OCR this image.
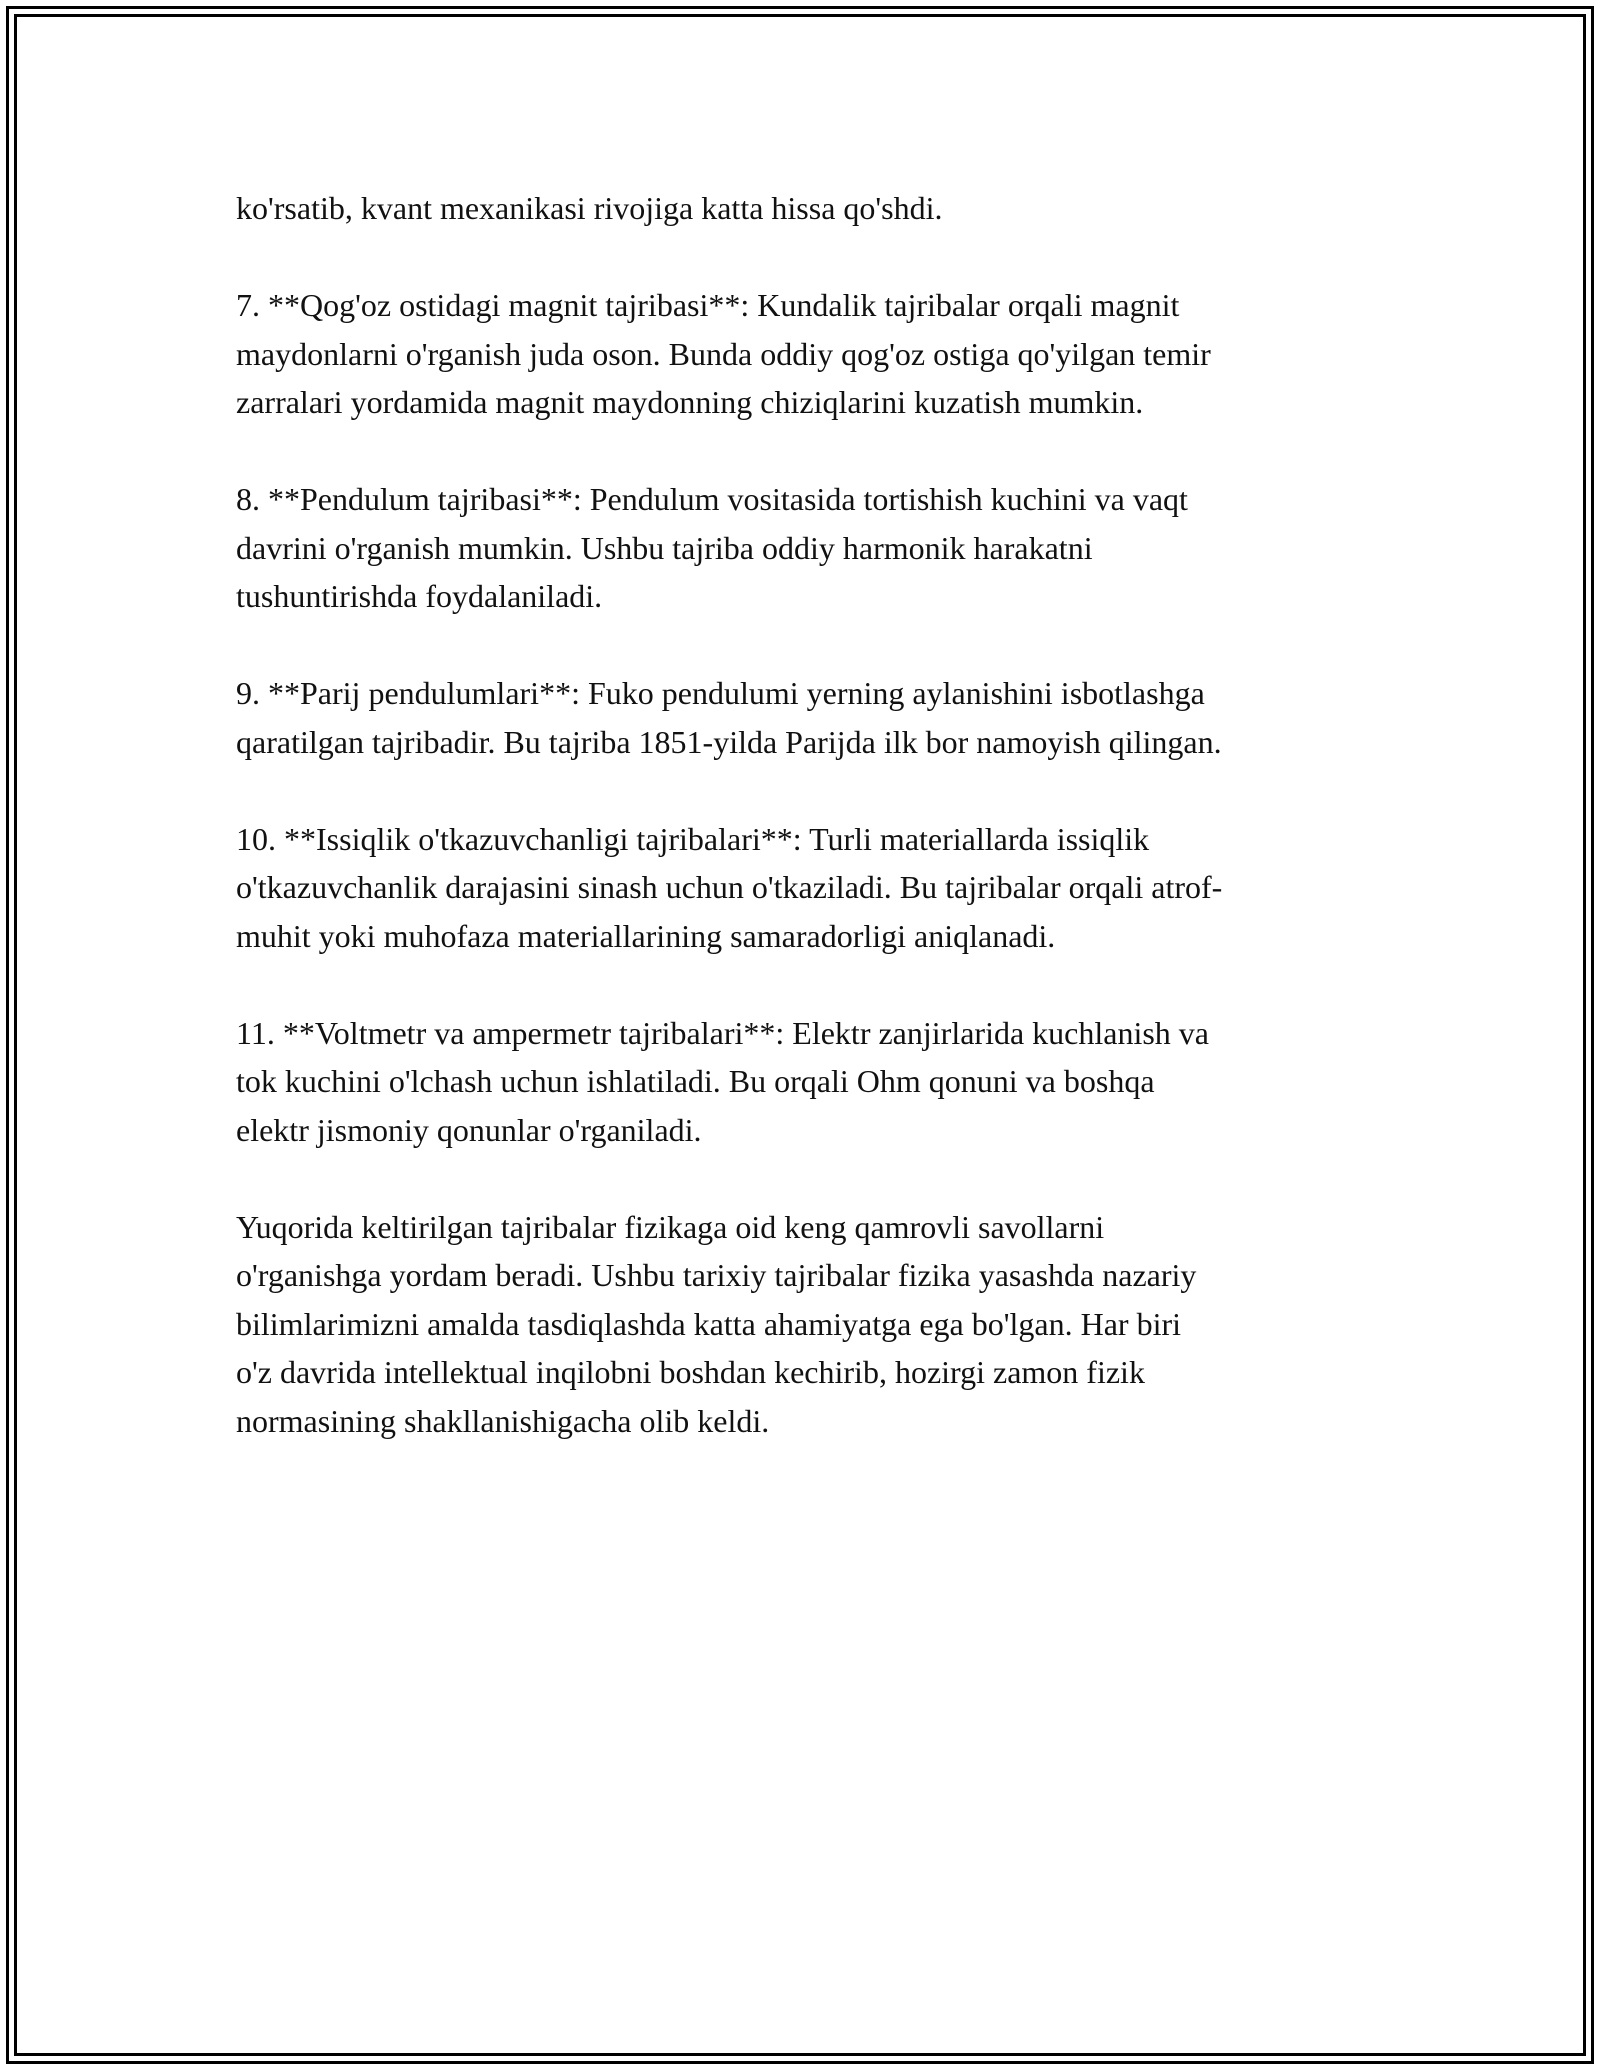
ko'rsatib, kvant mexanikasi rivojiga katta hissa qo'shdi.

7. **Qog'oz ostidagi magnit tajribasi**: Kundalik tajribalar orqali magnit
maydonlarni o'rganish juda oson. Bunda oddiy qog'oz ostiga qo'yilgan temir
zarralari yordamida magnit maydonning chiziqlarini kuzatish mumkin.

8. **Pendulum tajribasi**: Pendulum vositasida tortishish kuchini va vaqt
davrini o'rganish mumkin. Ushbu tajriba oddiy harmonik harakatni
tushuntirishda foydalaniladi.

9. **Parij pendulumlari**: Fuko pendulumi yerning aylanishini isbotlashga
qaratilgan tajribadir. Bu tajriba 1851-yilda Parijda ilk bor namoyish qilingan.

10. **Issiqlik o'tkazuvchanligi tajribalari**: Turli materiallarda issiqlik
o'tkazuvchanlik darajasini sinash uchun o'tkaziladi. Bu tajribalar orqali atrof-
muhit yoki muhofaza materiallarining samaradorligi aniqlanadi.

11. **Voltmetr va ampermetr tajribalari**: Elektr zanjirlarida kuchlanish va
tok kuchini o'lchash uchun ishlatiladi. Bu orqali Ohm qonuni va boshqa
elektr jismoniy qonunlar o'rganiladi.

Yuqorida keltirilgan tajribalar fizikaga oid keng qamrovli savollarni
o'rganishga yordam beradi. Ushbu tarixiy tajribalar fizika yasashda nazariy
bilimlarimizni amalda tasdiqlashda katta ahamiyatga ega bo'lgan. Har biri
o'z davrida intellektual inqilobni boshdan kechirib, hozirgi zamon fizik
normasining shakllanishigacha olib keldi.
